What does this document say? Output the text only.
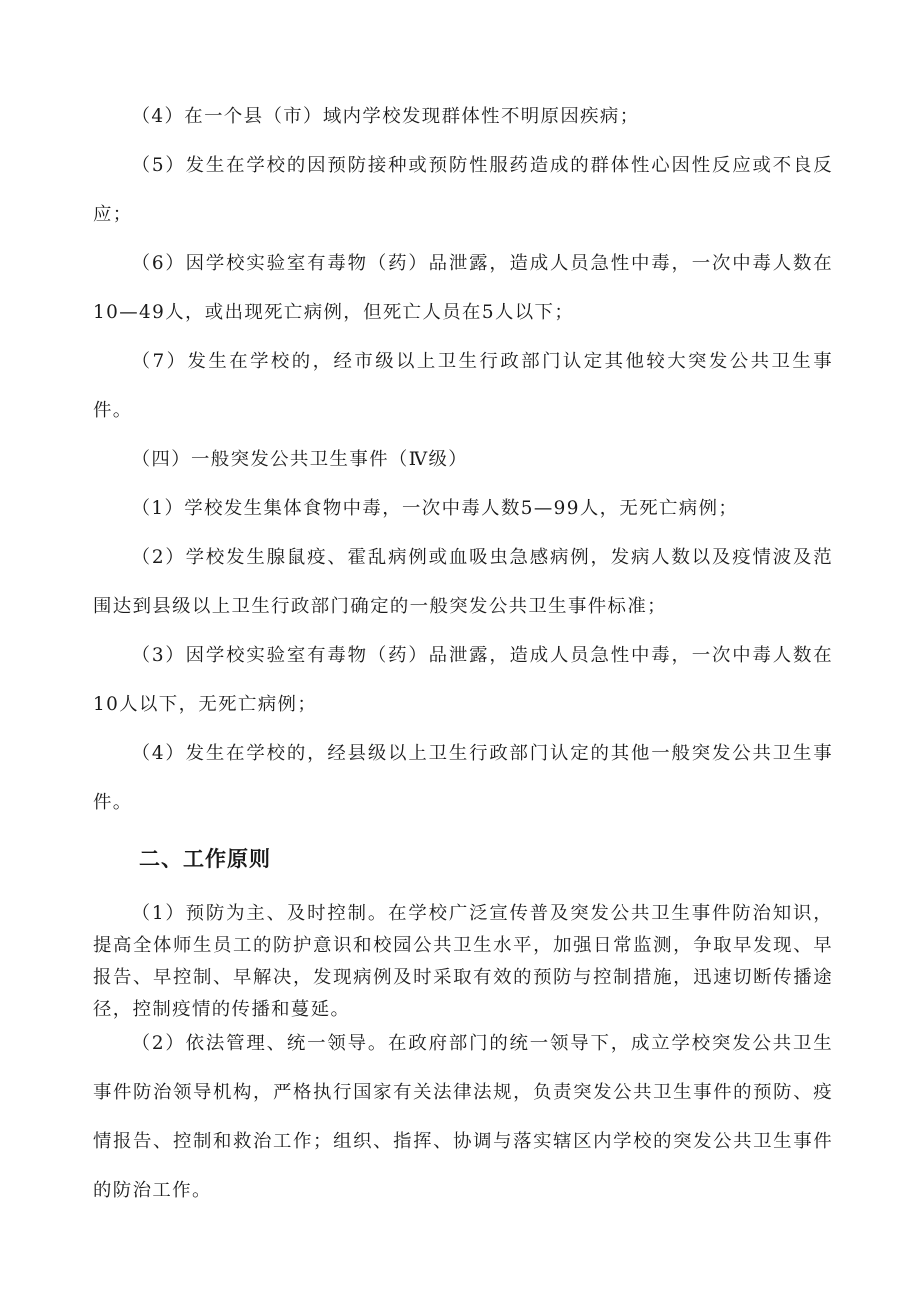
（4）在一个县（市）域内学校发现群体性不明原因疾病；

（5）发生在学校的因预防接种或预防性服药造成的群体性心因性反应或不良反应；

（6）因学校实验室有毒物（药）品泄露，造成人员急性中毒，一次中毒人数在10—49人，或出现死亡病例，但死亡人员在5人以下；

（7）发生在学校的，经市级以上卫生行政部门认定其他较大突发公共卫生事件。

（四）一般突发公共卫生事件（Ⅳ级）

（1）学校发生集体食物中毒，一次中毒人数5—99人，无死亡病例；

（2）学校发生腺鼠疫、霍乱病例或血吸虫急感病例，发病人数以及疫情波及范围达到县级以上卫生行政部门确定的一般突发公共卫生事件标准；

（3）因学校实验室有毒物（药）品泄露，造成人员急性中毒，一次中毒人数在10人以下，无死亡病例；

（4）发生在学校的，经县级以上卫生行政部门认定的其他一般突发公共卫生事件。

二、工作原则

（1）预防为主、及时控制。在学校广泛宣传普及突发公共卫生事件防治知识，提高全体师生员工的防护意识和校园公共卫生水平，加强日常监测，争取早发现、早报告、早控制、早解决，发现病例及时采取有效的预防与控制措施，迅速切断传播途径，控制疫情的传播和蔓延。

（2）依法管理、统一领导。在政府部门的统一领导下，成立学校突发公共卫生事件防治领导机构，严格执行国家有关法律法规，负责突发公共卫生事件的预防、疫情报告、控制和救治工作；组织、指挥、协调与落实辖区内学校的突发公共卫生事件的防治工作。
